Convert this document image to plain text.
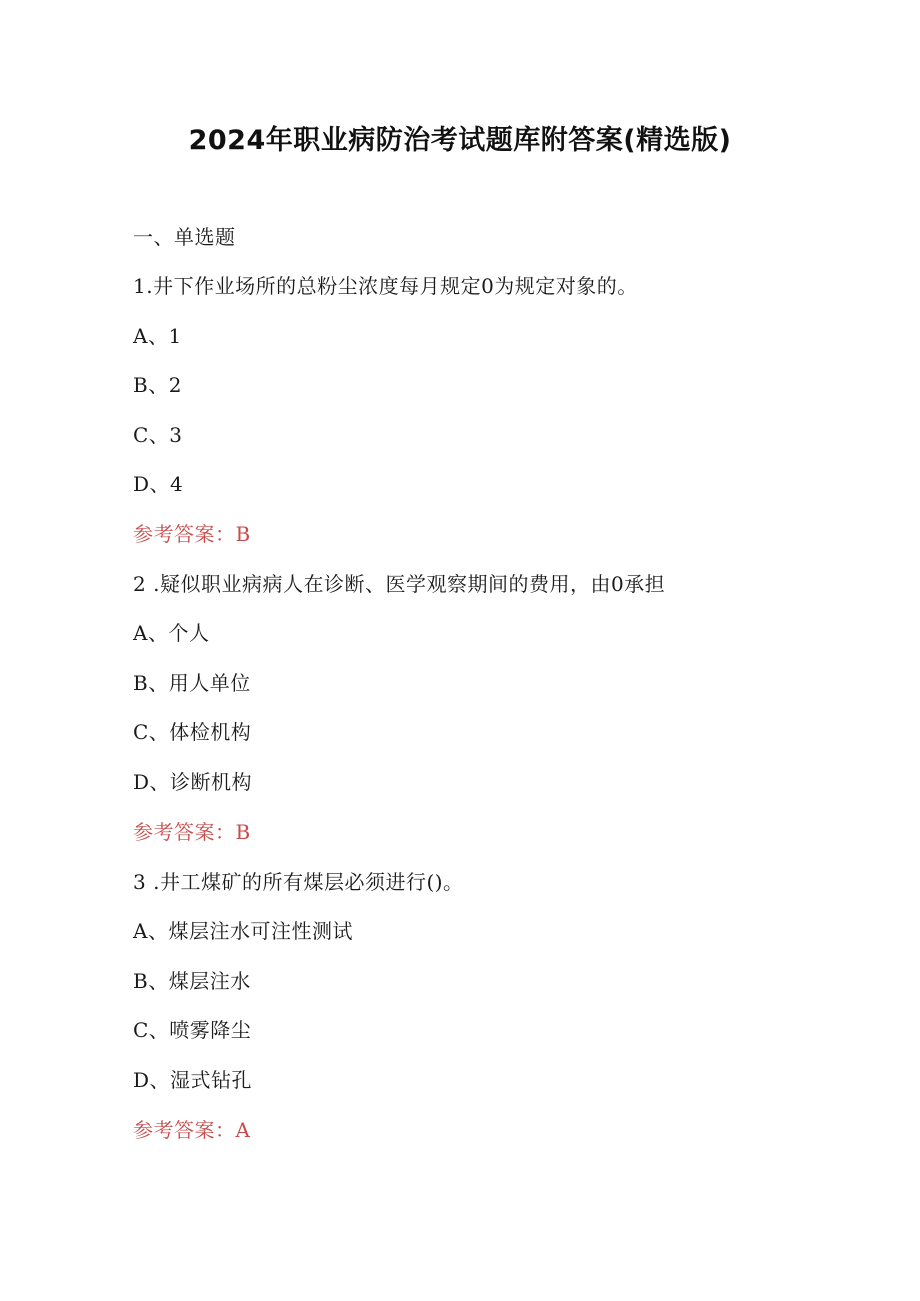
2024年职业病防治考试题库附答案(精选版)
一、单选题
1.井下作业场所的总粉尘浓度每月规定0为规定对象的。
A、1
B、2
C、3
D、4
参考答案：B
2 .疑似职业病病人在诊断、医学观察期间的费用，由0承担
A、个人
B、用人单位
C、体检机构
D、诊断机构
参考答案：B
3 .井工煤矿的所有煤层必须进行()。
A、煤层注水可注性测试
B、煤层注水
C、喷雾降尘
D、湿式钻孔
参考答案：A
